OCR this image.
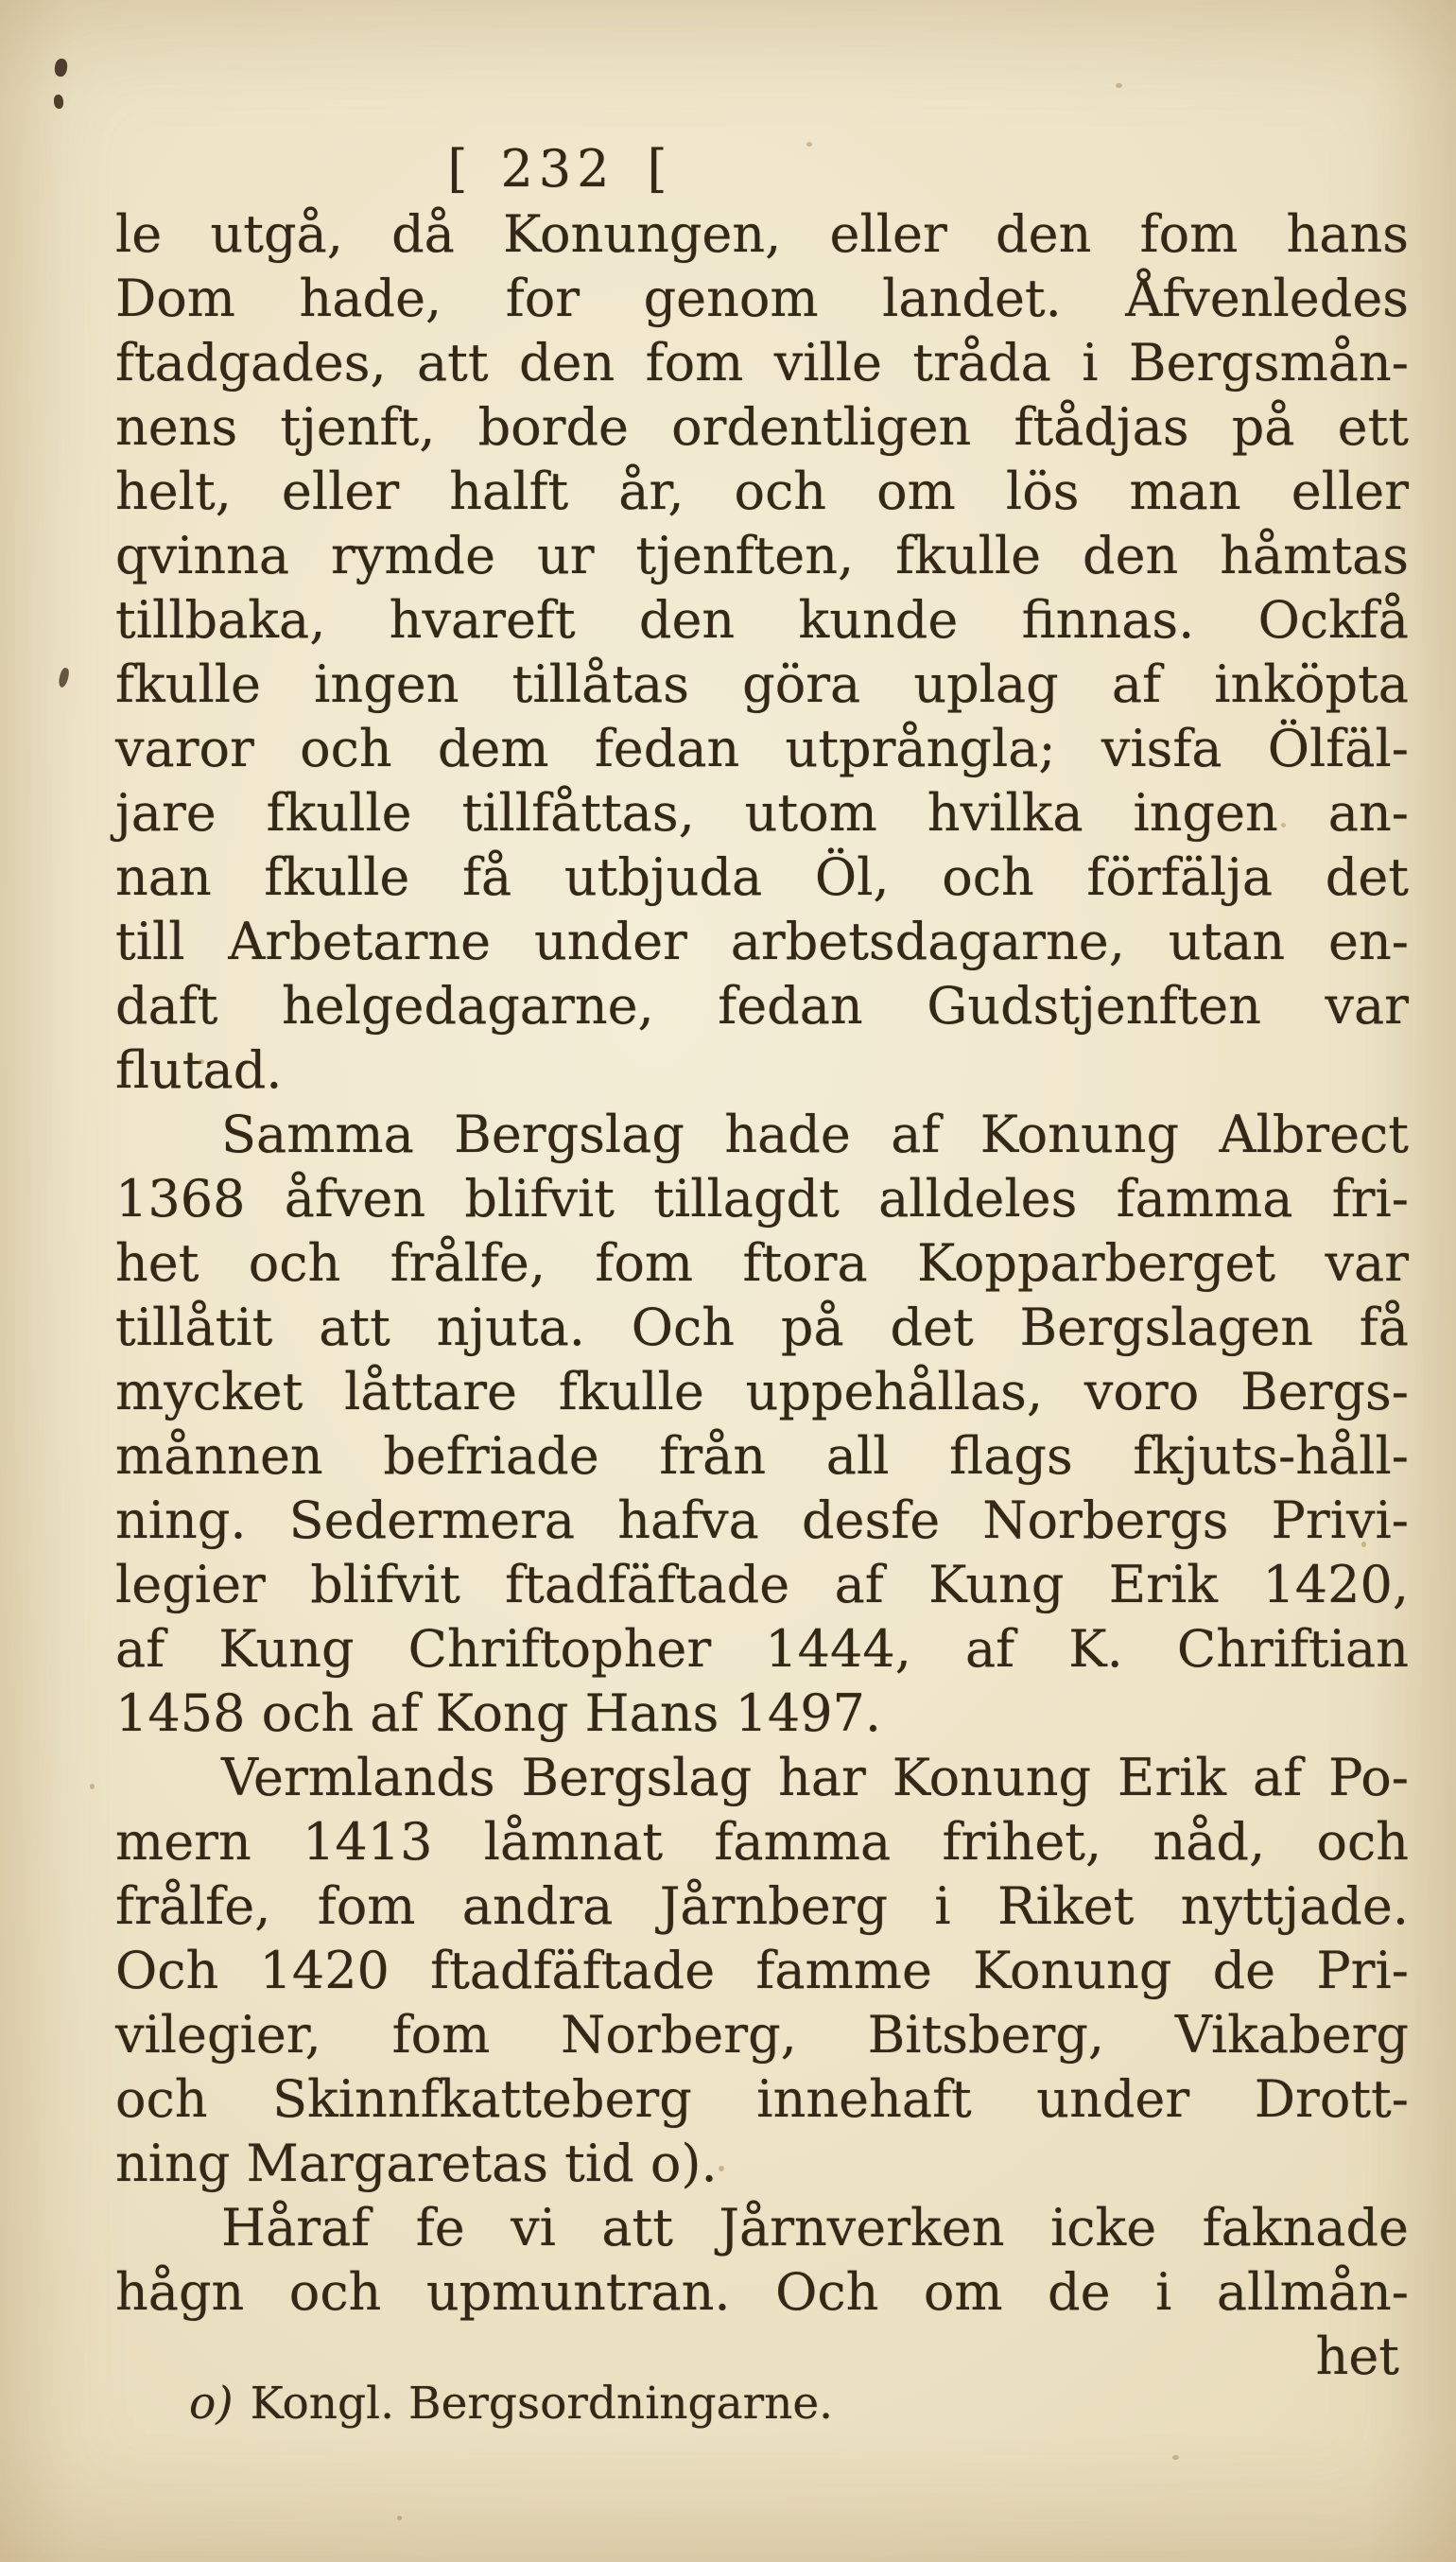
[ 232 [
le utgå, då Konungen, eller den fom hans
Dom hade, for genom landet. Åfvenledes
ftadgades, att den fom ville tråda i Bergsmån-
nens tjenft, borde ordentligen ftådjas på ett
helt, eller halft år, och om lös man eller
qvinna rymde ur tjenften, fkulle den håmtas
tillbaka, hvareft den kunde finnas. Ockfå
fkulle ingen tillåtas göra uplag af inköpta
varor och dem fedan utprångla; visfa Ölfäl-
jare fkulle tillfåttas, utom hvilka ingen an-
nan fkulle få utbjuda Öl, och förfälja det
till Arbetarne under arbetsdagarne, utan en-
daft helgedagarne, fedan Gudstjenften var
flutad.
Samma Bergslag hade af Konung Albrect
1368 åfven blifvit tillagdt alldeles famma fri-
het och frålfe, fom ftora Kopparberget var
tillåtit att njuta. Och på det Bergslagen få
mycket låttare fkulle uppehållas, voro Bergs-
månnen befriade från all flags fkjuts-håll-
ning. Sedermera hafva desfe Norbergs Privi-
legier blifvit ftadfäftade af Kung Erik 1420,
af Kung Chriftopher 1444, af K. Chriftian
1458 och af Kong Hans 1497.
Vermlands Bergslag har Konung Erik af Po-
mern 1413 låmnat famma frihet, nåd, och
frålfe, fom andra Jårnberg i Riket nyttjade.
Och 1420 ftadfäftade famme Konung de Pri-
vilegier, fom Norberg, Bitsberg, Vikaberg
och Skinnfkatteberg innehaft under Drott-
ning Margaretas tid o).
Håraf fe vi att Jårnverken icke faknade
hågn och upmuntran. Och om de i allmån-
het
o) Kongl. Bergsordningarne.
